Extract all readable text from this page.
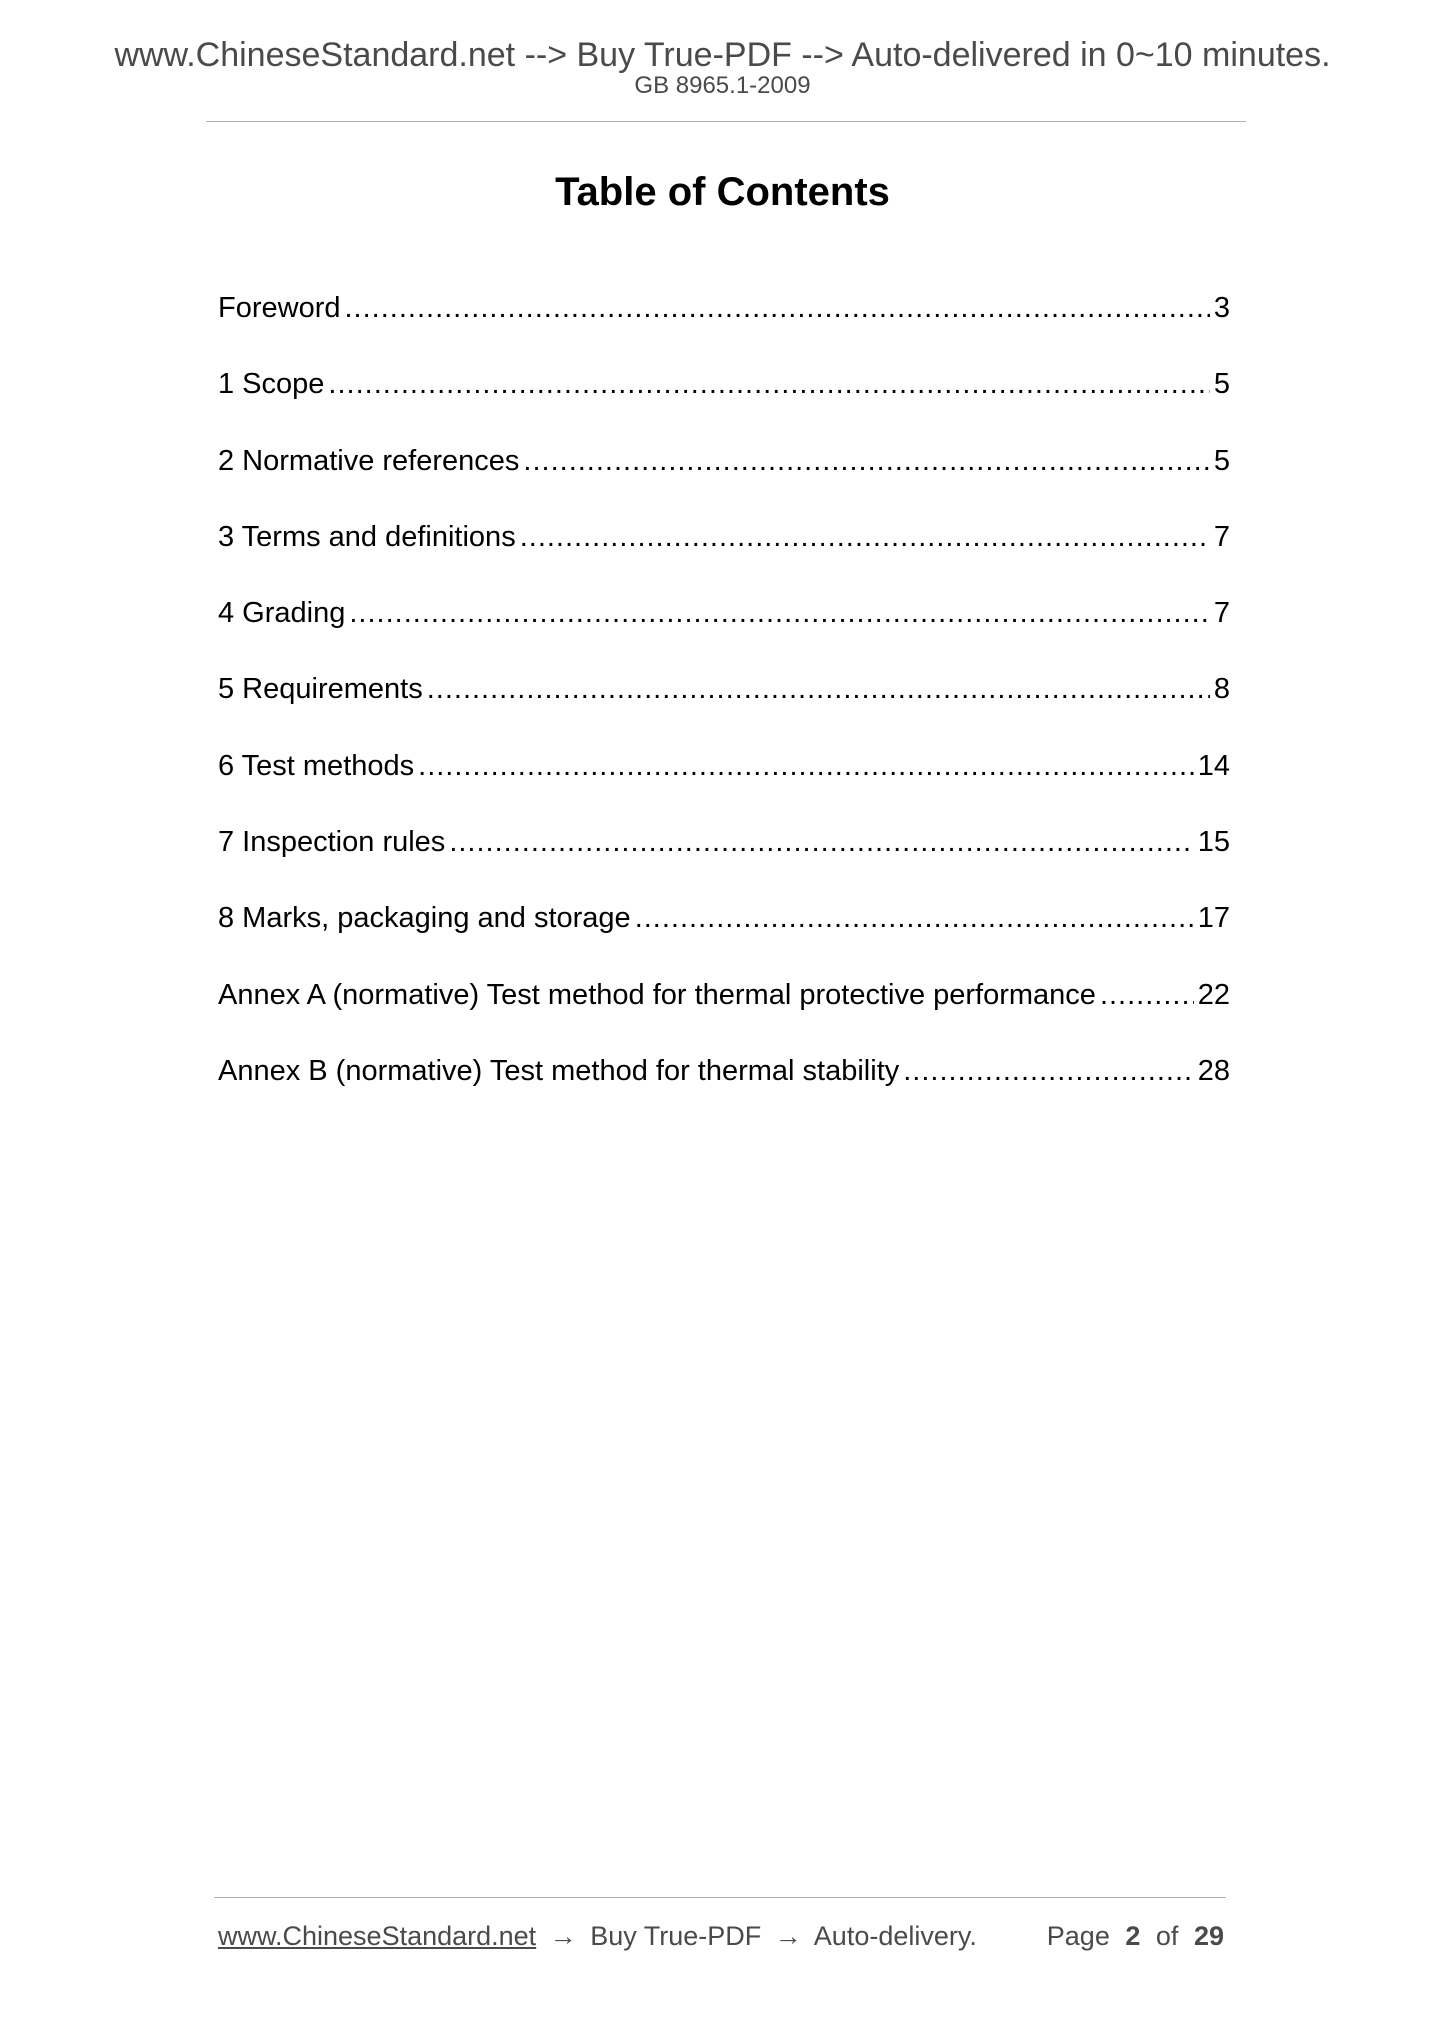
www.ChineseStandard.net --> Buy True-PDF --> Auto-delivered in 0~10 minutes.
GB 8965.1-2009
Table of Contents
Foreword .....	3
1 Scope .....	5
2 Normative references .....	5
3 Terms and definitions .....	7
4 Grading .....	7
5 Requirements .....	8
6 Test methods .....	14
7 Inspection rules .....	15
8 Marks, packaging and storage .....	17
Annex A (normative) Test method for thermal protective performance .....	22
Annex B (normative) Test method for thermal stability .....	28
www.ChineseStandard.net → Buy True-PDF → Auto-delivery.	Page 2 of 29
